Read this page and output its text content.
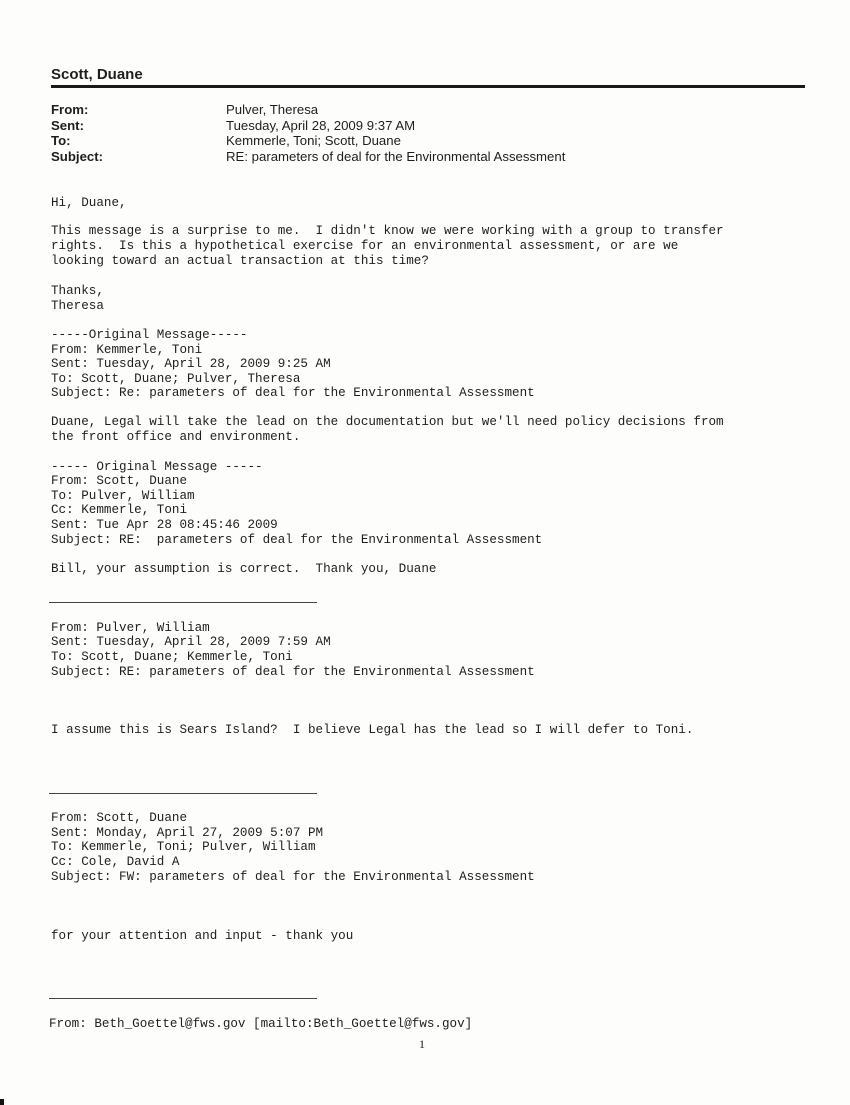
Scott, Duane
From:	Pulver, Theresa
Sent:	Tuesday, April 28, 2009 9:37 AM
To:	Kemmerle, Toni; Scott, Duane
Subject:	RE: parameters of deal for the Environmental Assessment
Hi, Duane,
This message is a surprise to me.  I didn't know we were working with a group to transfer
rights.  Is this a hypothetical exercise for an environmental assessment, or are we
looking toward an actual transaction at this time?
Thanks,
Theresa
-----Original Message-----
From: Kemmerle, Toni
Sent: Tuesday, April 28, 2009 9:25 AM
To: Scott, Duane; Pulver, Theresa
Subject: Re: parameters of deal for the Environmental Assessment
Duane, Legal will take the lead on the documentation but we'll need policy decisions from
the front office and environment.
----- Original Message -----
From: Scott, Duane
To: Pulver, William
Cc: Kemmerle, Toni
Sent: Tue Apr 28 08:45:46 2009
Subject: RE:  parameters of deal for the Environmental Assessment
Bill, your assumption is correct.  Thank you, Duane
From: Pulver, William
Sent: Tuesday, April 28, 2009 7:59 AM
To: Scott, Duane; Kemmerle, Toni
Subject: RE: parameters of deal for the Environmental Assessment
I assume this is Sears Island?  I believe Legal has the lead so I will defer to Toni.
From: Scott, Duane
Sent: Monday, April 27, 2009 5:07 PM
To: Kemmerle, Toni; Pulver, William
Cc: Cole, David A
Subject: FW: parameters of deal for the Environmental Assessment
for your attention and input - thank you
From: Beth_Goettel@fws.gov [mailto:Beth_Goettel@fws.gov]
1
